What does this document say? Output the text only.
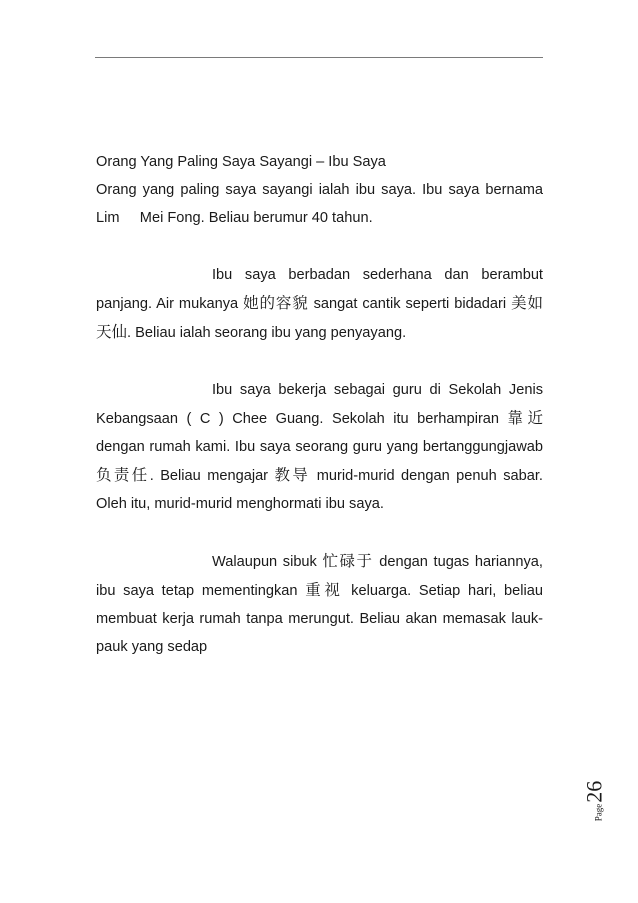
Orang Yang Paling Saya Sayangi – Ibu Saya

Orang yang paling saya sayangi ialah ibu saya. Ibu saya bernama Lim Mei Fong. Beliau berumur 40 tahun.

Ibu saya berbadan sederhana dan berambut panjang. Air mukanya 她的容貌 sangat cantik seperti bidadari 美如天仙. Beliau ialah seorang ibu yang penyayang.

Ibu saya bekerja sebagai guru di Sekolah Jenis Kebangsaan ( C ) Chee Guang. Sekolah itu berhampiran 靠近 dengan rumah kami. Ibu saya seorang guru yang bertanggungjawab 负责任. Beliau mengajar 教导 murid-murid dengan penuh sabar. Oleh itu, murid-murid menghormati ibu saya.

Walaupun sibuk 忙碌于 dengan tugas hariannya, ibu saya tetap mementingkan 重视 keluarga. Setiap hari, beliau membuat kerja rumah tanpa merungut. Beliau akan memasak lauk-pauk yang sedap

Page26
